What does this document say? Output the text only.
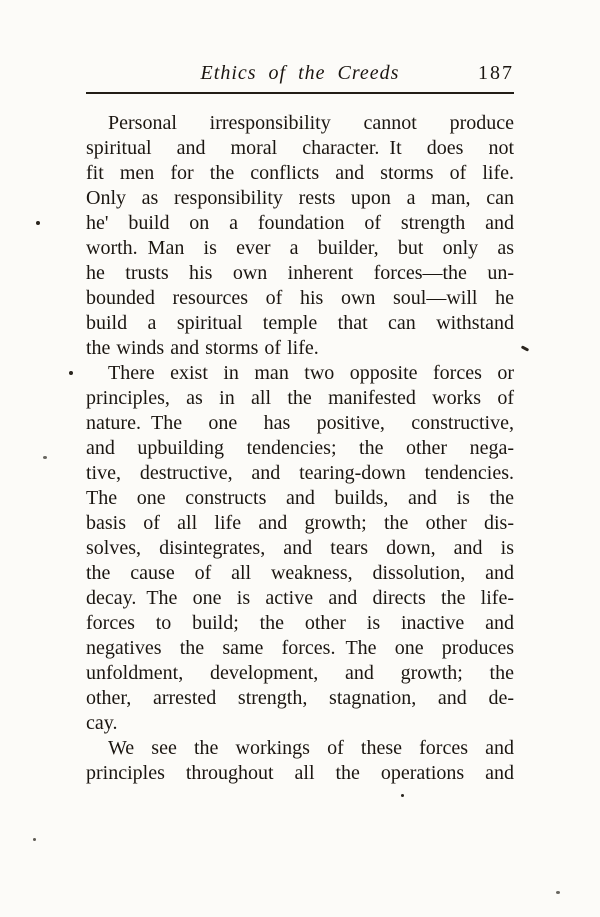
Ethics of the Creeds	187

Personal irresponsibility cannot produce
spiritual and moral character. It does not
fit men for the conflicts and storms of life.
Only as responsibility rests upon a man, can
he' build on a foundation of strength and
worth. Man is ever a builder, but only as
he trusts his own inherent forces—the un-
bounded resources of his own soul—will he
build a spiritual temple that can withstand
the winds and storms of life.

There exist in man two opposite forces or
principles, as in all the manifested works of
nature. The one has positive, constructive,
and upbuilding tendencies; the other nega-
tive, destructive, and tearing-down tendencies.
The one constructs and builds, and is the
basis of all life and growth; the other dis-
solves, disintegrates, and tears down, and is
the cause of all weakness, dissolution, and
decay. The one is active and directs the life-
forces to build; the other is inactive and
negatives the same forces. The one produces
unfoldment, development, and growth; the
other, arrested strength, stagnation, and de-
cay.

We see the workings of these forces and
principles throughout all the operations and
